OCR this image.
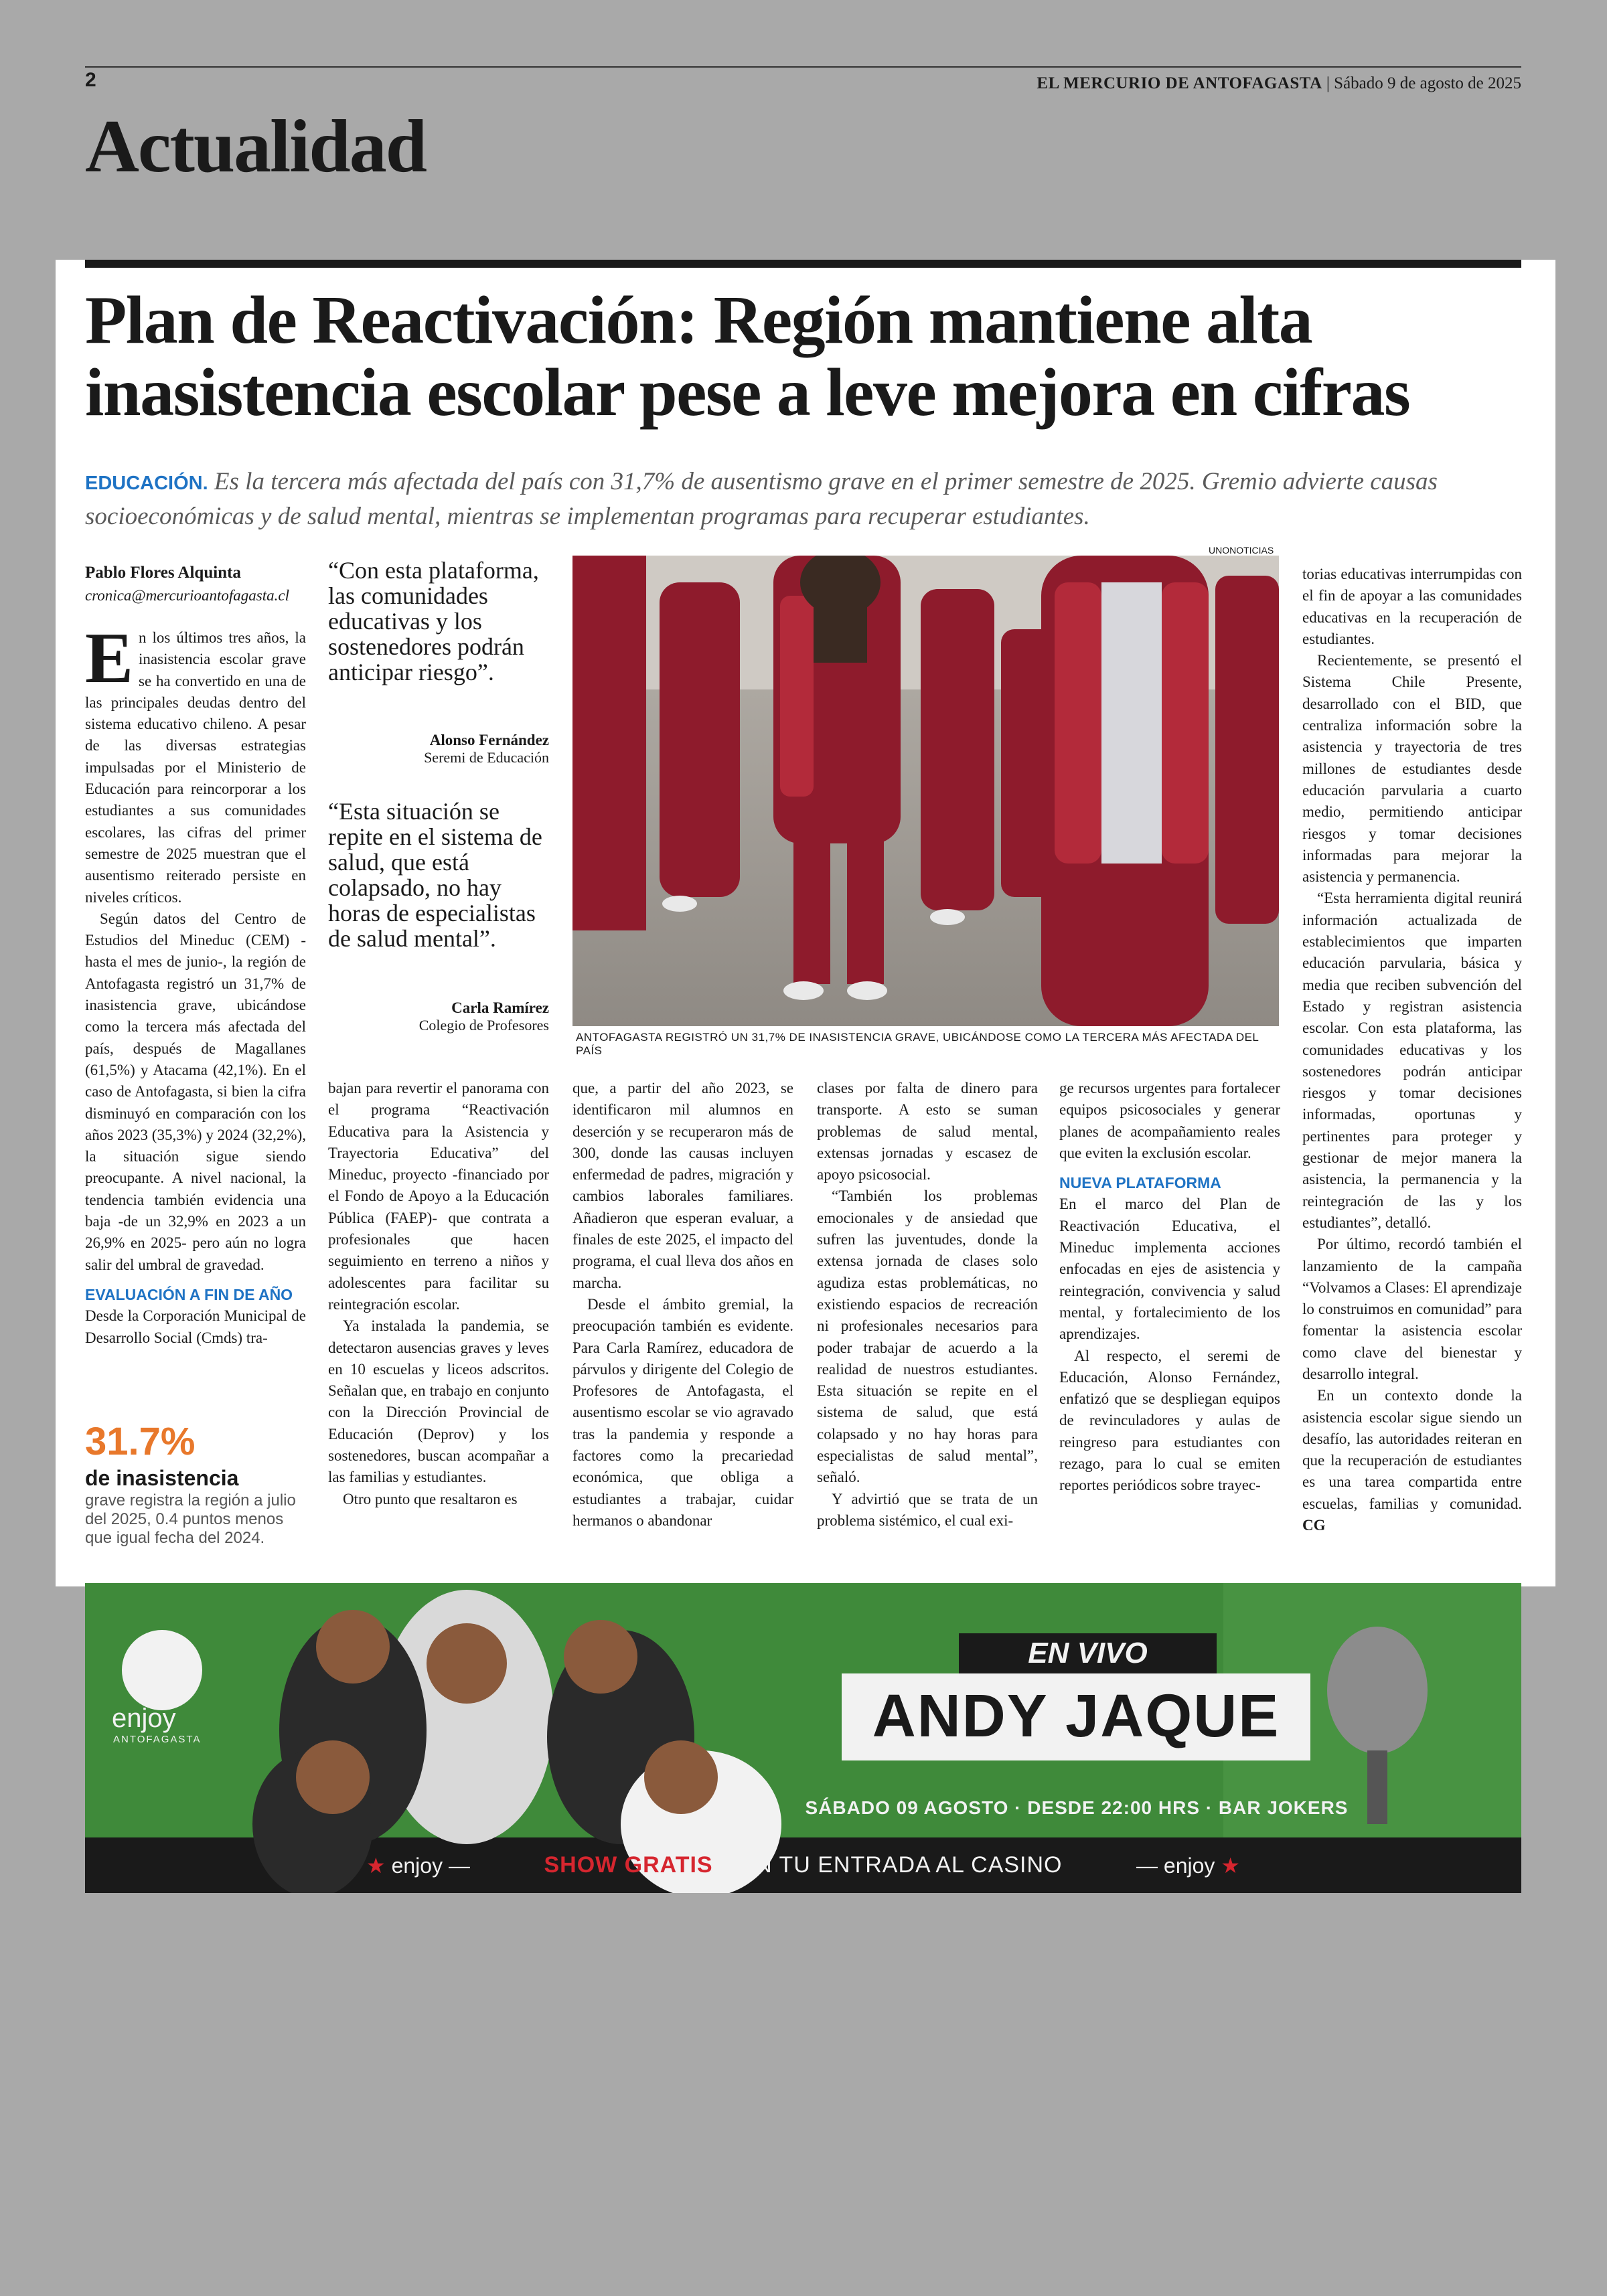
2	EL MERCURIO DE ANTOFAGASTA | Sábado 9 de agosto de 2025
Actualidad
Plan de Reactivación: Región mantiene alta inasistencia escolar pese a leve mejora en cifras
EDUCACIÓN. Es la tercera más afectada del país con 31,7% de ausentismo grave en el primer semestre de 2025. Gremio advierte causas socioeconómicas y de salud mental, mientras se implementan programas para recuperar estudiantes.
Pablo Flores Alquinta
cronica@mercurioantofagasta.cl

En los últimos tres años, la inasistencia escolar grave se ha convertido en una de las principales deudas dentro del sistema educativo chileno. A pesar de las diversas estrategias impulsadas por el Ministerio de Educación para reincorporar a los estudiantes a sus comunidades escolares, las cifras del primer semestre de 2025 muestran que el ausentismo reiterado persiste en niveles críticos.

Según datos del Centro de Estudios del Mineduc (CEM) -hasta el mes de junio-, la región de Antofagasta registró un 31,7% de inasistencia grave, ubicándose como la tercera más afectada del país, después de Magallanes (61,5%) y Atacama (42,1%). En el caso de Antofagasta, si bien la cifra disminuyó en comparación con los años 2023 (35,3%) y 2024 (32,2%), la situación sigue siendo preocupante. A nivel nacional, la tendencia también evidencia una baja -de un 32,9% en 2023 a un 26,9% en 2025- pero aún no logra salir del umbral de gravedad.

EVALUACIÓN A FIN DE AÑO

Desde la Corporación Municipal de Desarrollo Social (Cmds) tra-

31.7%
de inasistencia
grave registra la región a julio del 2025, 0.4 puntos menos que igual fecha del 2024.
“Con esta plataforma, las comunidades educativas y los sostenedores podrán anticipar riesgo”.
Alonso Fernández
Seremi de Educación
“Esta situación se repite en el sistema de salud, que está colapsado, no hay horas de especialistas de salud mental”.
Carla Ramírez
Colegio de Profesores
UNONOTICIAS
ANTOFAGASTA REGISTRÓ UN 31,7% DE INASISTENCIA GRAVE, UBICÁNDOSE COMO LA TERCERA MÁS AFECTADA DEL PAÍS

bajan para revertir el panorama con el programa “Reactivación Educativa para la Asistencia y Trayectoria Educativa” del Mineduc, proyecto -financiado por el Fondo de Apoyo a la Educación Pública (FAEP)- que contrata a profesionales que hacen seguimiento en terreno a niños y adolescentes para facilitar su reintegración escolar.

Ya instalada la pandemia, se detectaron ausencias graves y leves en 10 escuelas y liceos adscritos. Señalan que, en trabajo en conjunto con la Dirección Provincial de Educación (Deprov) y los sostenedores, buscan acompañar a las familias y estudiantes.

Otro punto que resaltaron es

que, a partir del año 2023, se identificaron mil alumnos en deserción y se recuperaron más de 300, donde las causas incluyen enfermedad de padres, migración y cambios laborales familiares. Añadieron que esperan evaluar, a finales de este 2025, el impacto del programa, el cual lleva dos años en marcha.

Desde el ámbito gremial, la preocupación también es evidente. Para Carla Ramírez, educadora de párvulos y dirigente del Colegio de Profesores de Antofagasta, el ausentismo escolar se vio agravado tras la pandemia y responde a factores como la precariedad económica, que obliga a estudiantes a trabajar, cuidar hermanos o abandonar

clases por falta de dinero para transporte. A esto se suman problemas de salud mental, extensas jornadas y escasez de apoyo psicosocial.

“También los problemas emocionales y de ansiedad que sufren las juventudes, donde la extensa jornada de clases solo agudiza estas problemáticas, no existiendo espacios de recreación ni profesionales necesarios para poder trabajar de acuerdo a la realidad de nuestros estudiantes. Esta situación se repite en el sistema de salud, que está colapsado y no hay horas para especialistas de salud mental”, señaló.

Y advirtió que se trata de un problema sistémico, el cual exi-

ge recursos urgentes para fortalecer equipos psicosociales y generar planes de acompañamiento reales que eviten la exclusión escolar.

NUEVA PLATAFORMA

En el marco del Plan de Reactivación Educativa, el Mineduc implementa acciones enfocadas en ejes de asistencia y reintegración, convivencia y salud mental, y fortalecimiento de los aprendizajes.

Al respecto, el seremi de Educación, Alonso Fernández, enfatizó que se despliegan equipos de revinculadores y aulas de reingreso para estudiantes con rezago, para lo cual se emiten reportes periódicos sobre trayec-

torias educativas interrumpidas con el fin de apoyar a las comunidades educativas en la recuperación de estudiantes.

Recientemente, se presentó el Sistema Chile Presente, desarrollado con el BID, que centraliza información sobre la asistencia y trayectoria de tres millones de estudiantes desde educación parvularia a cuarto medio, permitiendo anticipar riesgos y tomar decisiones informadas para mejorar la asistencia y permanencia.

“Esta herramienta digital reunirá información actualizada de establecimientos que imparten educación parvularia, básica y media que reciben subvención del Estado y registran asistencia escolar. Con esta plataforma, las comunidades educativas y los sostenedores podrán anticipar riesgos y tomar decisiones informadas, oportunas y pertinentes para proteger y gestionar de mejor manera la asistencia, la permanencia y la reintegración de las y los estudiantes”, detalló.

Por último, recordó también el lanzamiento de la campaña “Volvamos a Clases: El aprendizaje lo construimos en comunidad” para fomentar la asistencia escolar como clave del bienestar y desarrollo integral.

En un contexto donde la asistencia escolar sigue siendo un desafío, las autoridades reiteran en que la recuperación de estudiantes es una tarea compartida entre escuelas, familias y comunidad. CG

enjoy
ANTOFAGASTA
EN VIVO
ANDY JAQUE
SÁBADO 09 AGOSTO · DESDE 22:00 HRS · BAR JOKERS
★ enjoy —	SHOW GRATIS CON TU ENTRADA AL CASINO	— enjoy ★
